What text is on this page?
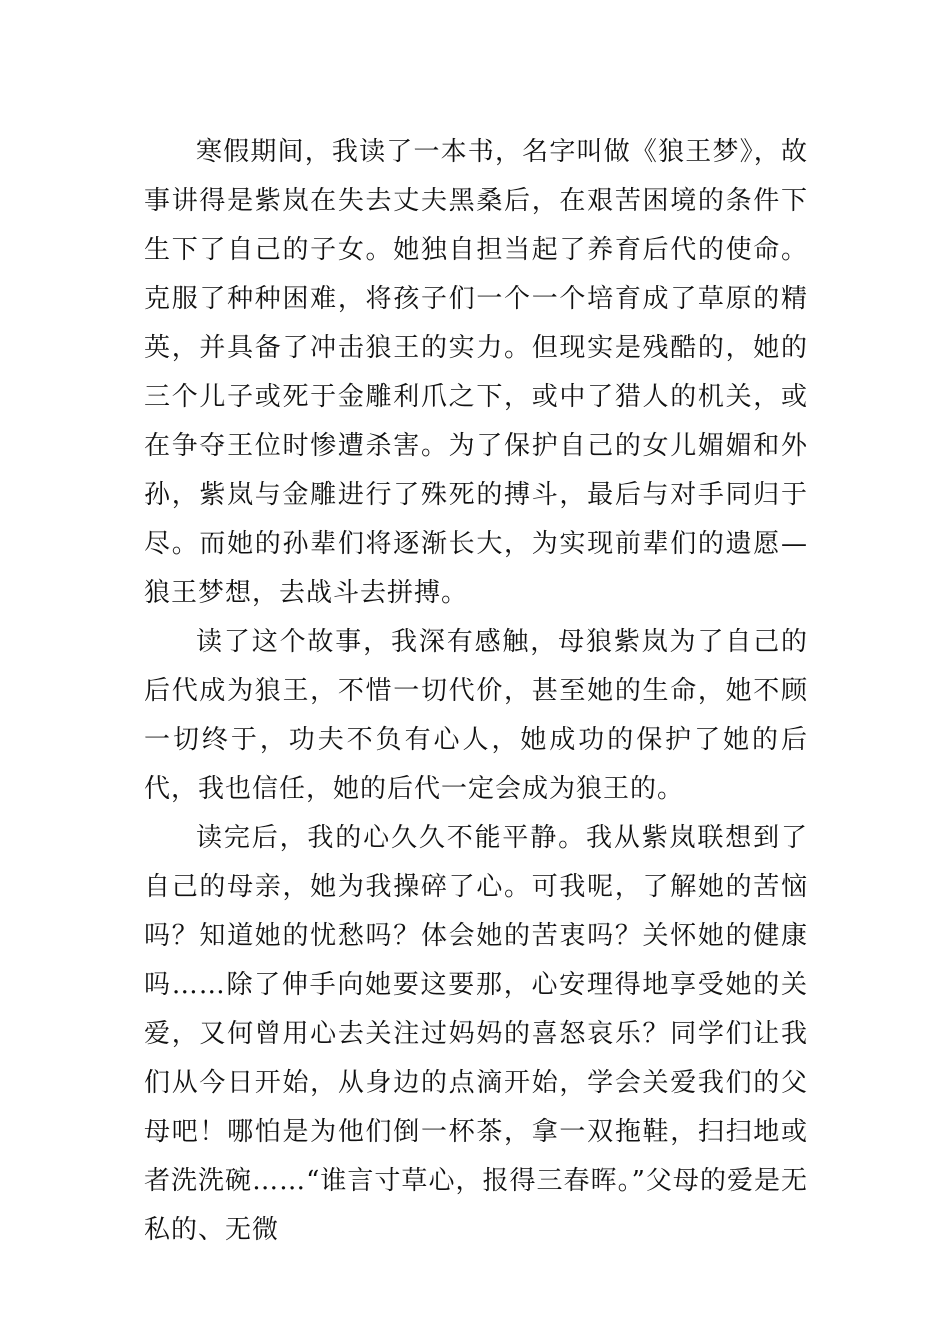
寒假期间，我读了一本书，名字叫做《狼王梦》，故事讲得是紫岚在失去丈夫黑桑后，在艰苦困境的条件下生下了自己的子女。她独自担当起了养育后代的使命。克服了种种困难，将孩子们一个一个培育成了草原的精英，并具备了冲击狼王的实力。但现实是残酷的，她的三个儿子或死于金雕利爪之下，或中了猎人的机关，或在争夺王位时惨遭杀害。为了保护自己的女儿媚媚和外孙，紫岚与金雕进行了殊死的搏斗，最后与对手同归于尽。而她的孙辈们将逐渐长大，为实现前辈们的遗愿—狼王梦想，去战斗去拼搏。

读了这个故事，我深有感触，母狼紫岚为了自己的后代成为狼王，不惜一切代价，甚至她的生命，她不顾一切终于，功夫不负有心人，她成功的保护了她的后代，我也信任，她的后代一定会成为狼王的。

读完后，我的心久久不能平静。我从紫岚联想到了自己的母亲，她为我操碎了心。可我呢，了解她的苦恼吗？知道她的忧愁吗？体会她的苦衷吗？关怀她的健康吗……除了伸手向她要这要那，心安理得地享受她的关爱，又何曾用心去关注过妈妈的喜怒哀乐？同学们让我们从今日开始，从身边的点滴开始，学会关爱我们的父母吧！哪怕是为他们倒一杯茶，拿一双拖鞋，扫扫地或者洗洗碗……“谁言寸草心，报得三春晖。”父母的爱是无私的、无微
